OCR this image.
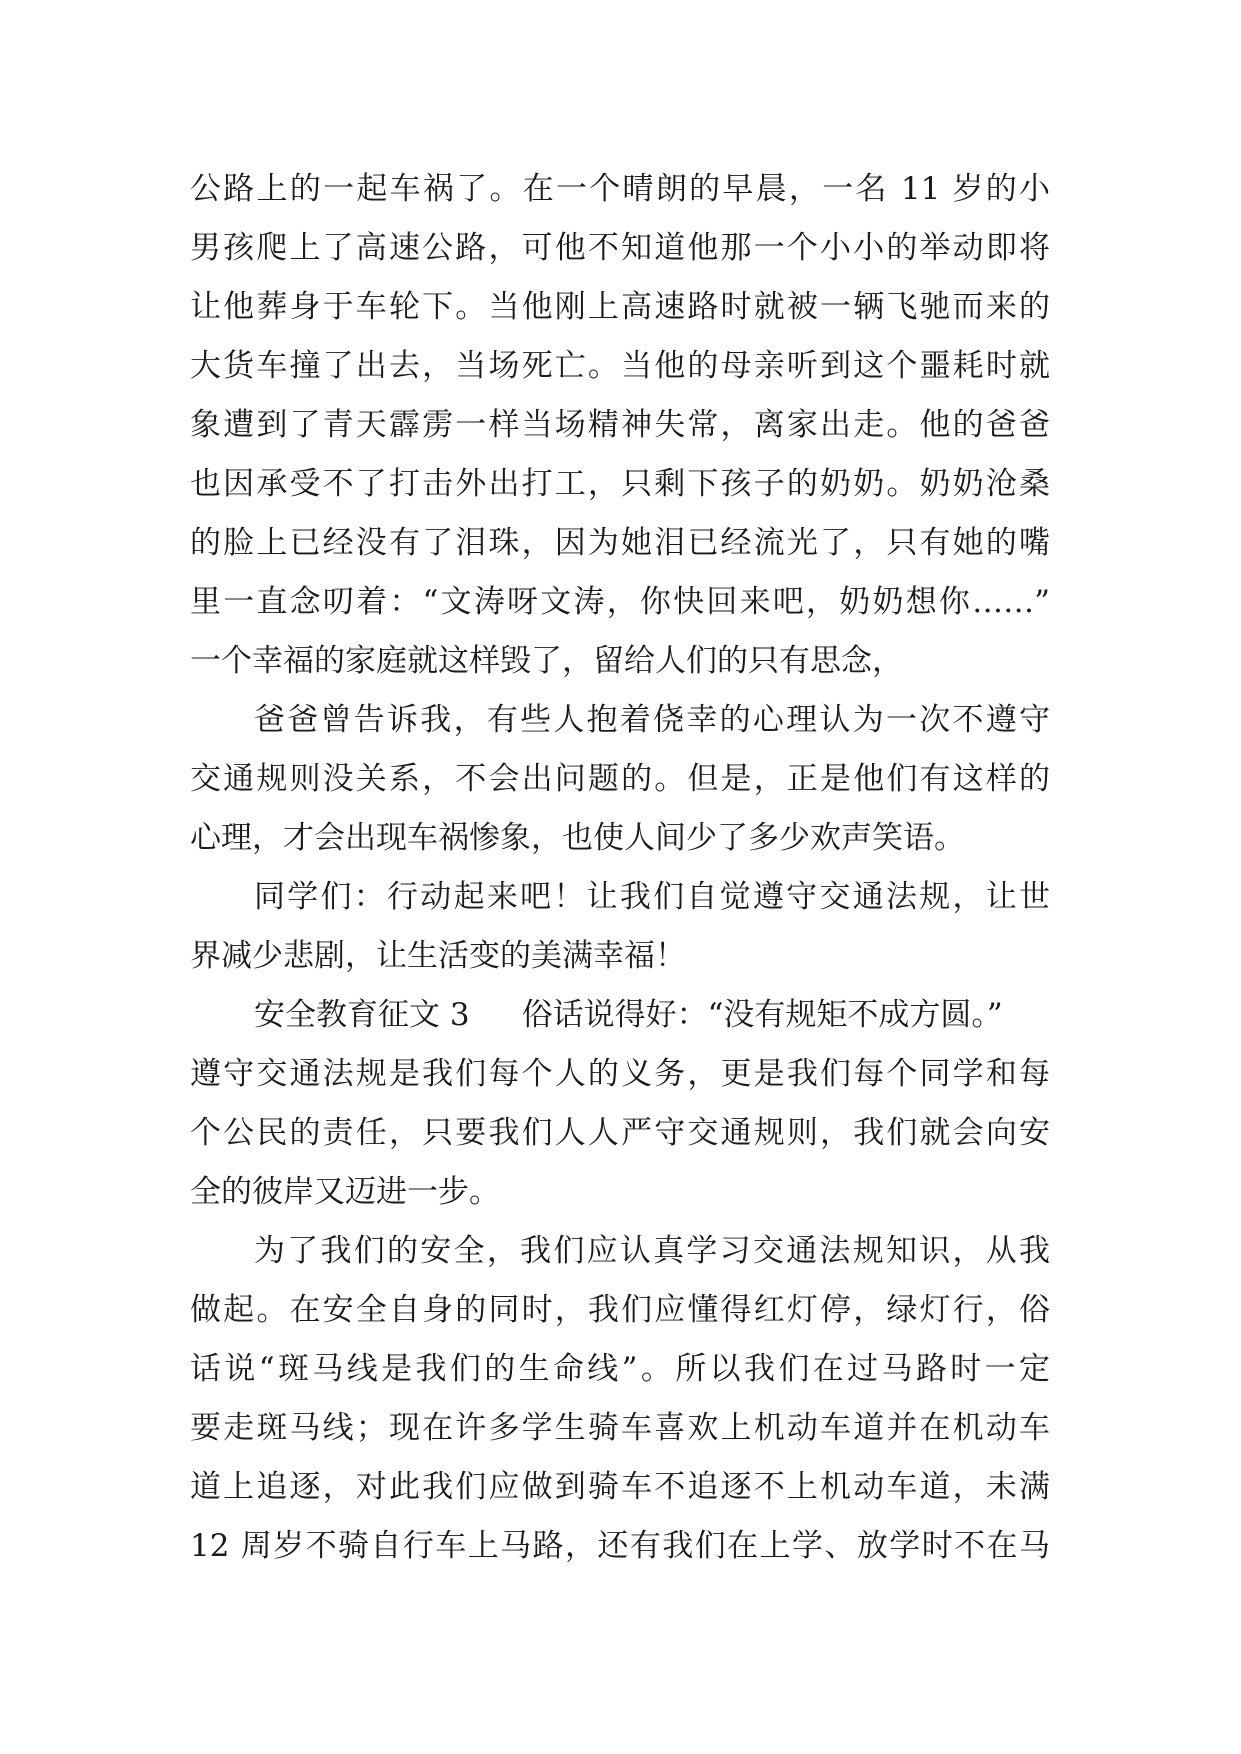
公路上的一起车祸了。在一个晴朗的早晨，一名 11 岁的小
男孩爬上了高速公路，可他不知道他那一个小小的举动即将
让他葬身于车轮下。当他刚上高速路时就被一辆飞驰而来的
大货车撞了出去，当场死亡。当他的母亲听到这个噩耗时就
象遭到了青天霹雳一样当场精神失常，离家出走。他的爸爸
也因承受不了打击外出打工，只剩下孩子的奶奶。奶奶沧桑
的脸上已经没有了泪珠，因为她泪已经流光了，只有她的嘴
里一直念叨着：“文涛呀文涛，你快回来吧，奶奶想你……”
一个幸福的家庭就这样毁了，留给人们的只有思念，
爸爸曾告诉我，有些人抱着侥幸的心理认为一次不遵守
交通规则没关系，不会出问题的。但是，正是他们有这样的
心理，才会出现车祸惨象，也使人间少了多少欢声笑语。
同学们：行动起来吧！让我们自觉遵守交通法规，让世
界减少悲剧，让生活变的美满幸福！
安全教育征文 3 俗话说得好：“没有规矩不成方圆。”
遵守交通法规是我们每个人的义务，更是我们每个同学和每
个公民的责任，只要我们人人严守交通规则，我们就会向安
全的彼岸又迈进一步。
为了我们的安全，我们应认真学习交通法规知识，从我
做起。在安全自身的同时，我们应懂得红灯停，绿灯行，俗
话说“斑马线是我们的生命线”。所以我们在过马路时一定
要走斑马线；现在许多学生骑车喜欢上机动车道并在机动车
道上追逐，对此我们应做到骑车不追逐不上机动车道，未满
12 周岁不骑自行车上马路，还有我们在上学、放学时不在马
